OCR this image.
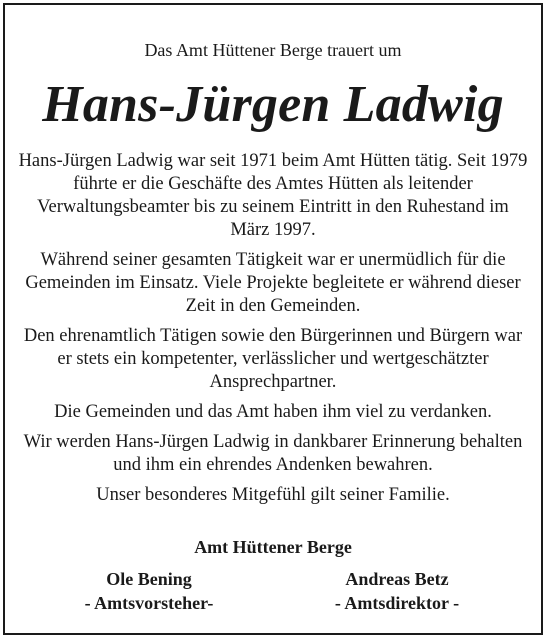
Das Amt Hüttener Berge trauert um
Hans-Jürgen Ladwig

Hans-Jürgen Ladwig war seit 1971 beim Amt Hütten tätig. Seit 1979 führte er die Geschäfte des Amtes Hütten als leitender Verwaltungsbeamter bis zu seinem Eintritt in den Ruhestand im März 1997.

Während seiner gesamten Tätigkeit war er unermüdlich für die Gemeinden im Einsatz. Viele Projekte begleitete er während dieser Zeit in den Gemeinden.

Den ehrenamtlich Tätigen sowie den Bürgerinnen und Bürgern war er stets ein kompetenter, verlässlicher und wertgeschätzter Ansprechpartner.

Die Gemeinden und das Amt haben ihm viel zu verdanken.

Wir werden Hans-Jürgen Ladwig in dankbarer Erinnerung behalten und ihm ein ehrendes Andenken bewahren.

Unser besonderes Mitgefühl gilt seiner Familie.

Amt Hüttener Berge
Ole Bening
- Amtsvorsteher-
Andreas Betz
- Amtsdirektor -
